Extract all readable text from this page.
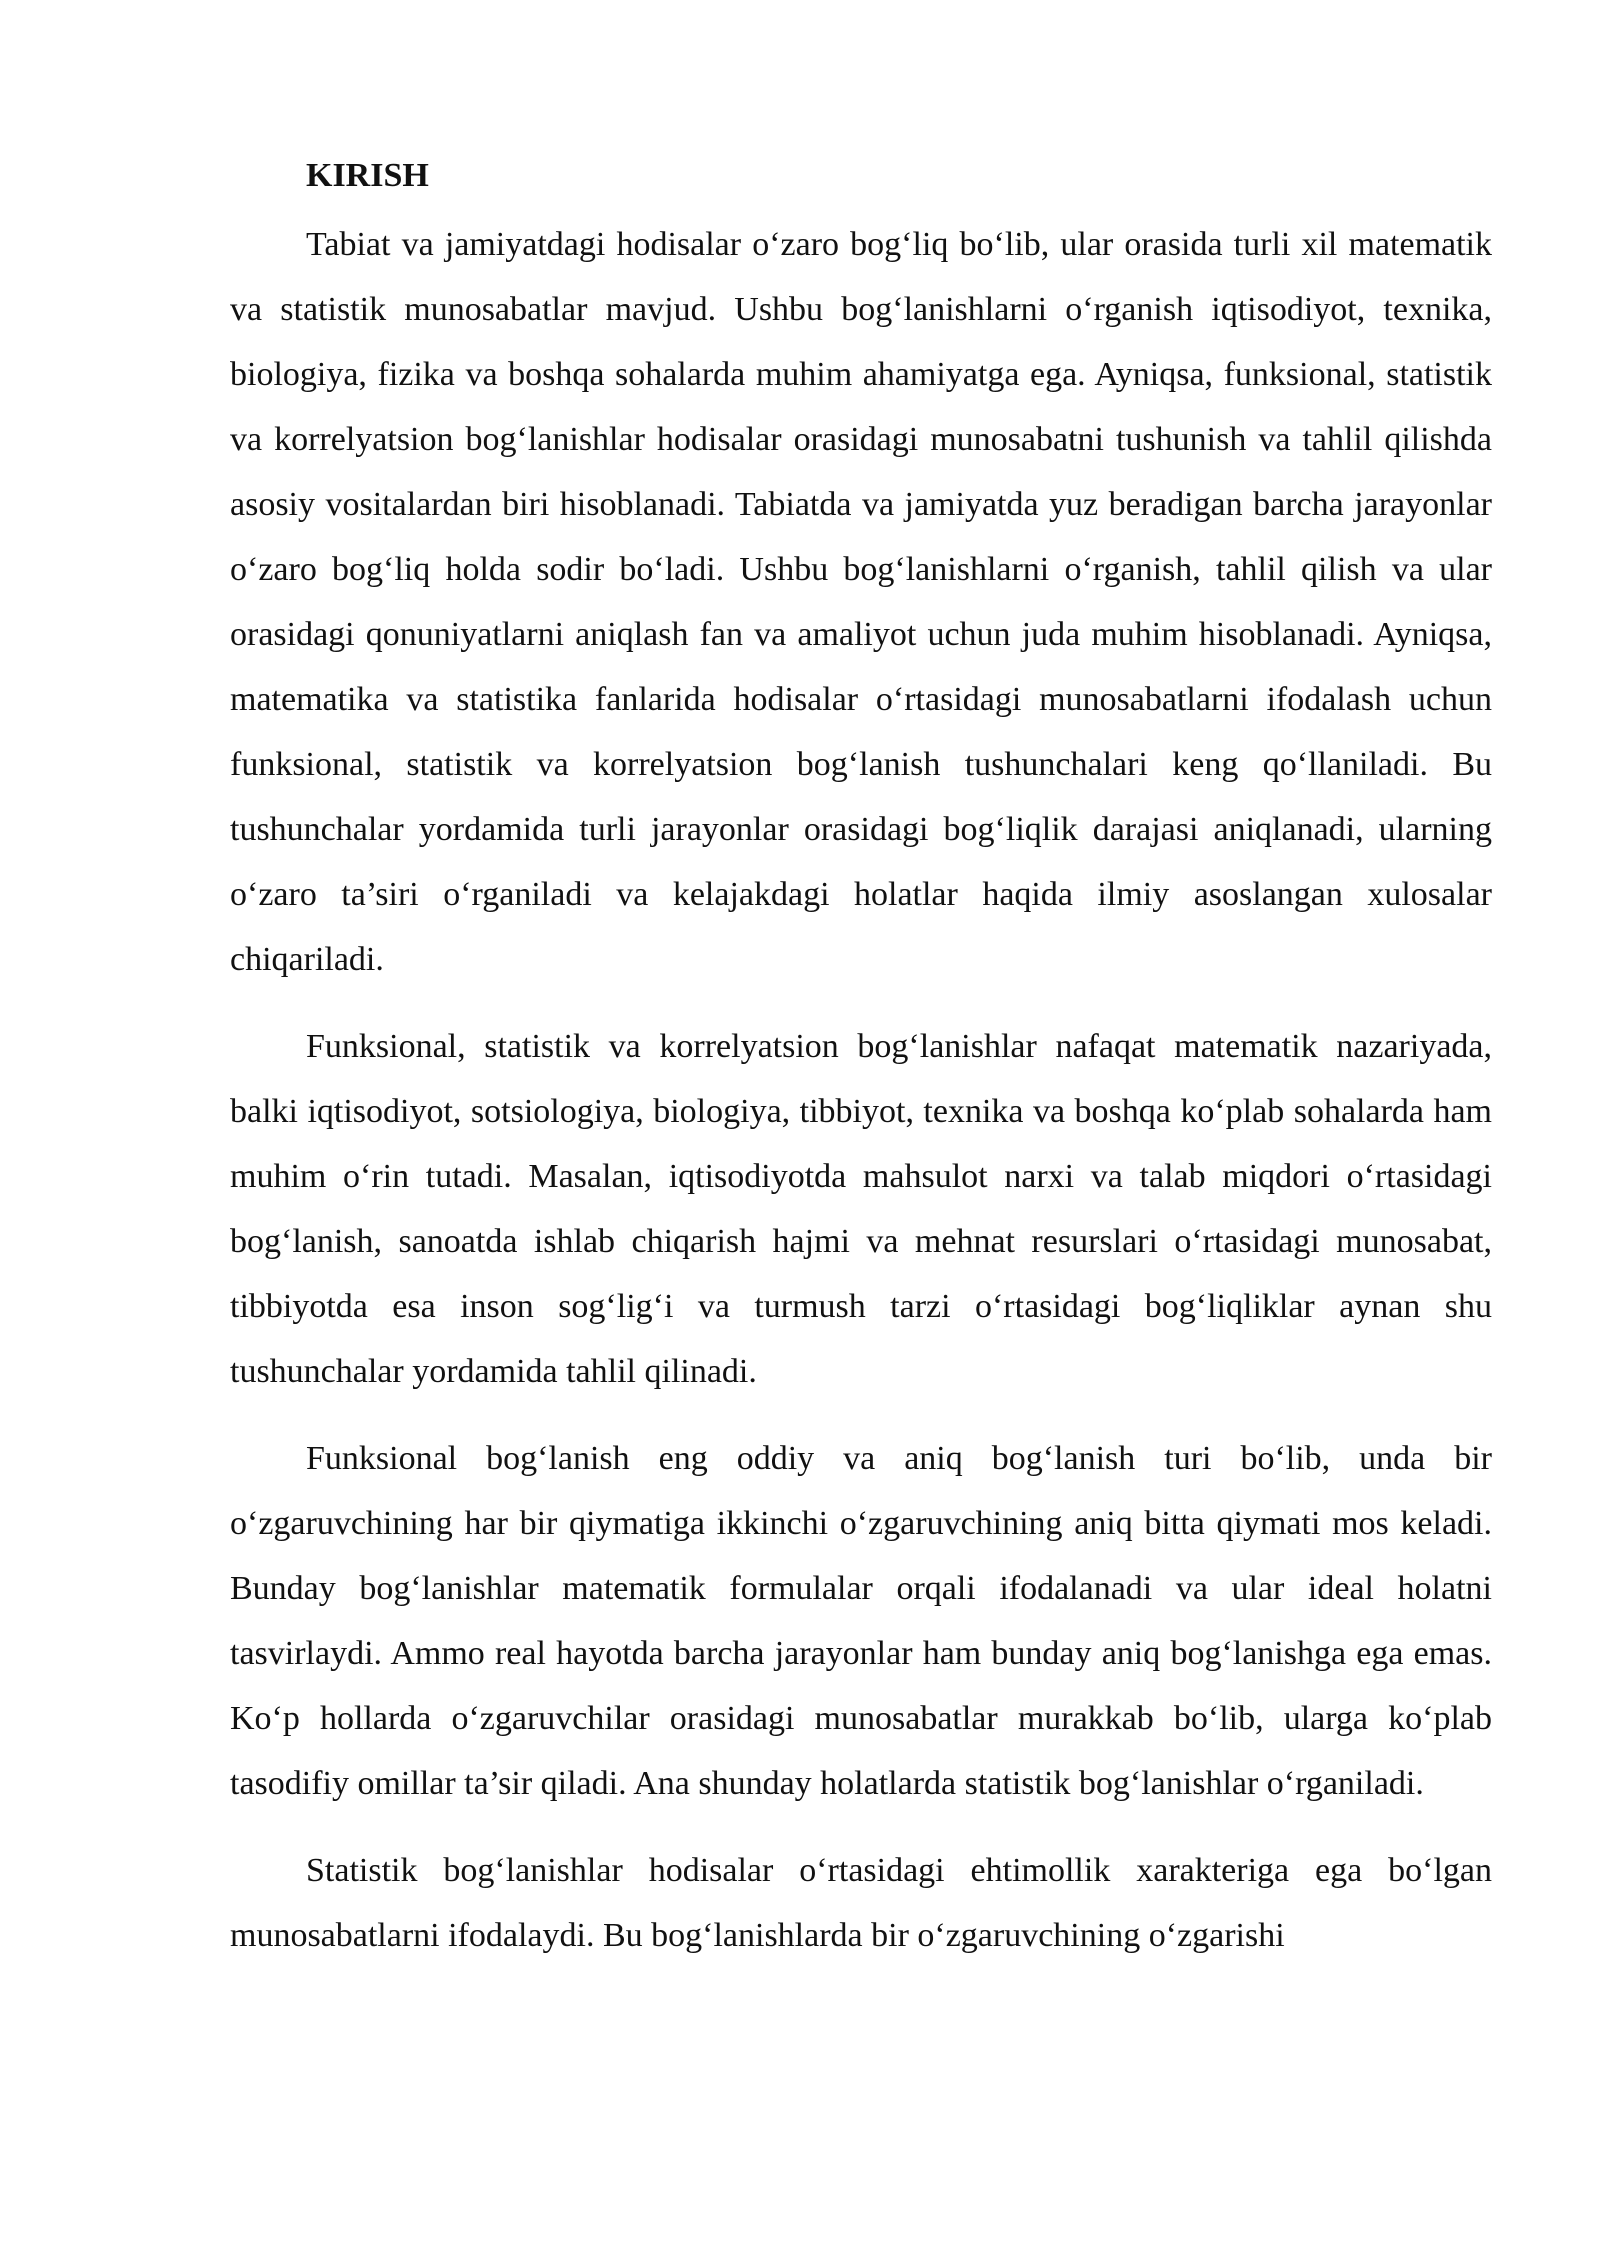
KIRISH

Tabiat va jamiyatdagi hodisalar o‘zaro bog‘liq bo‘lib, ular orasida turli xil matematik va statistik munosabatlar mavjud. Ushbu bog‘lanishlarni o‘rganish iqtisodiyot, texnika, biologiya, fizika va boshqa sohalarda muhim ahamiyatga ega. Ayniqsa, funksional, statistik va korrelyatsion bog‘lanishlar hodisalar orasidagi munosabatni tushunish va tahlil qilishda asosiy vositalardan biri hisoblanadi. Tabiatda va jamiyatda yuz beradigan barcha jarayonlar o‘zaro bog‘liq holda sodir bo‘ladi. Ushbu bog‘lanishlarni o‘rganish, tahlil qilish va ular orasidagi qonuniyatlarni aniqlash fan va amaliyot uchun juda muhim hisoblanadi. Ayniqsa, matematika va statistika fanlarida hodisalar o‘rtasidagi munosabatlarni ifodalash uchun funksional, statistik va korrelyatsion bog‘lanish tushunchalari keng qo‘llaniladi. Bu tushunchalar yordamida turli jarayonlar orasidagi bog‘liqlik darajasi aniqlanadi, ularning o‘zaro ta’siri o‘rganiladi va kelajakdagi holatlar haqida ilmiy asoslangan xulosalar chiqariladi.

Funksional, statistik va korrelyatsion bog‘lanishlar nafaqat matematik nazariyada, balki iqtisodiyot, sotsiologiya, biologiya, tibbiyot, texnika va boshqa ko‘plab sohalarda ham muhim o‘rin tutadi. Masalan, iqtisodiyotda mahsulot narxi va talab miqdori o‘rtasidagi bog‘lanish, sanoatda ishlab chiqarish hajmi va mehnat resurslari o‘rtasidagi munosabat, tibbiyotda esa inson sog‘lig‘i va turmush tarzi o‘rtasidagi bog‘liqliklar aynan shu tushunchalar yordamida tahlil qilinadi.

Funksional bog‘lanish eng oddiy va aniq bog‘lanish turi bo‘lib, unda bir o‘zgaruvchining har bir qiymatiga ikkinchi o‘zgaruvchining aniq bitta qiymati mos keladi. Bunday bog‘lanishlar matematik formulalar orqali ifodalanadi va ular ideal holatni tasvirlaydi. Ammo real hayotda barcha jarayonlar ham bunday aniq bog‘lanishga ega emas. Ko‘p hollarda o‘zgaruvchilar orasidagi munosabatlar murakkab bo‘lib, ularga ko‘plab tasodifiy omillar ta’sir qiladi. Ana shunday holatlarda statistik bog‘lanishlar o‘rganiladi.

Statistik bog‘lanishlar hodisalar o‘rtasidagi ehtimollik xarakteriga ega bo‘lgan munosabatlarni ifodalaydi. Bu bog‘lanishlarda bir o‘zgaruvchining o‘zgarishi
